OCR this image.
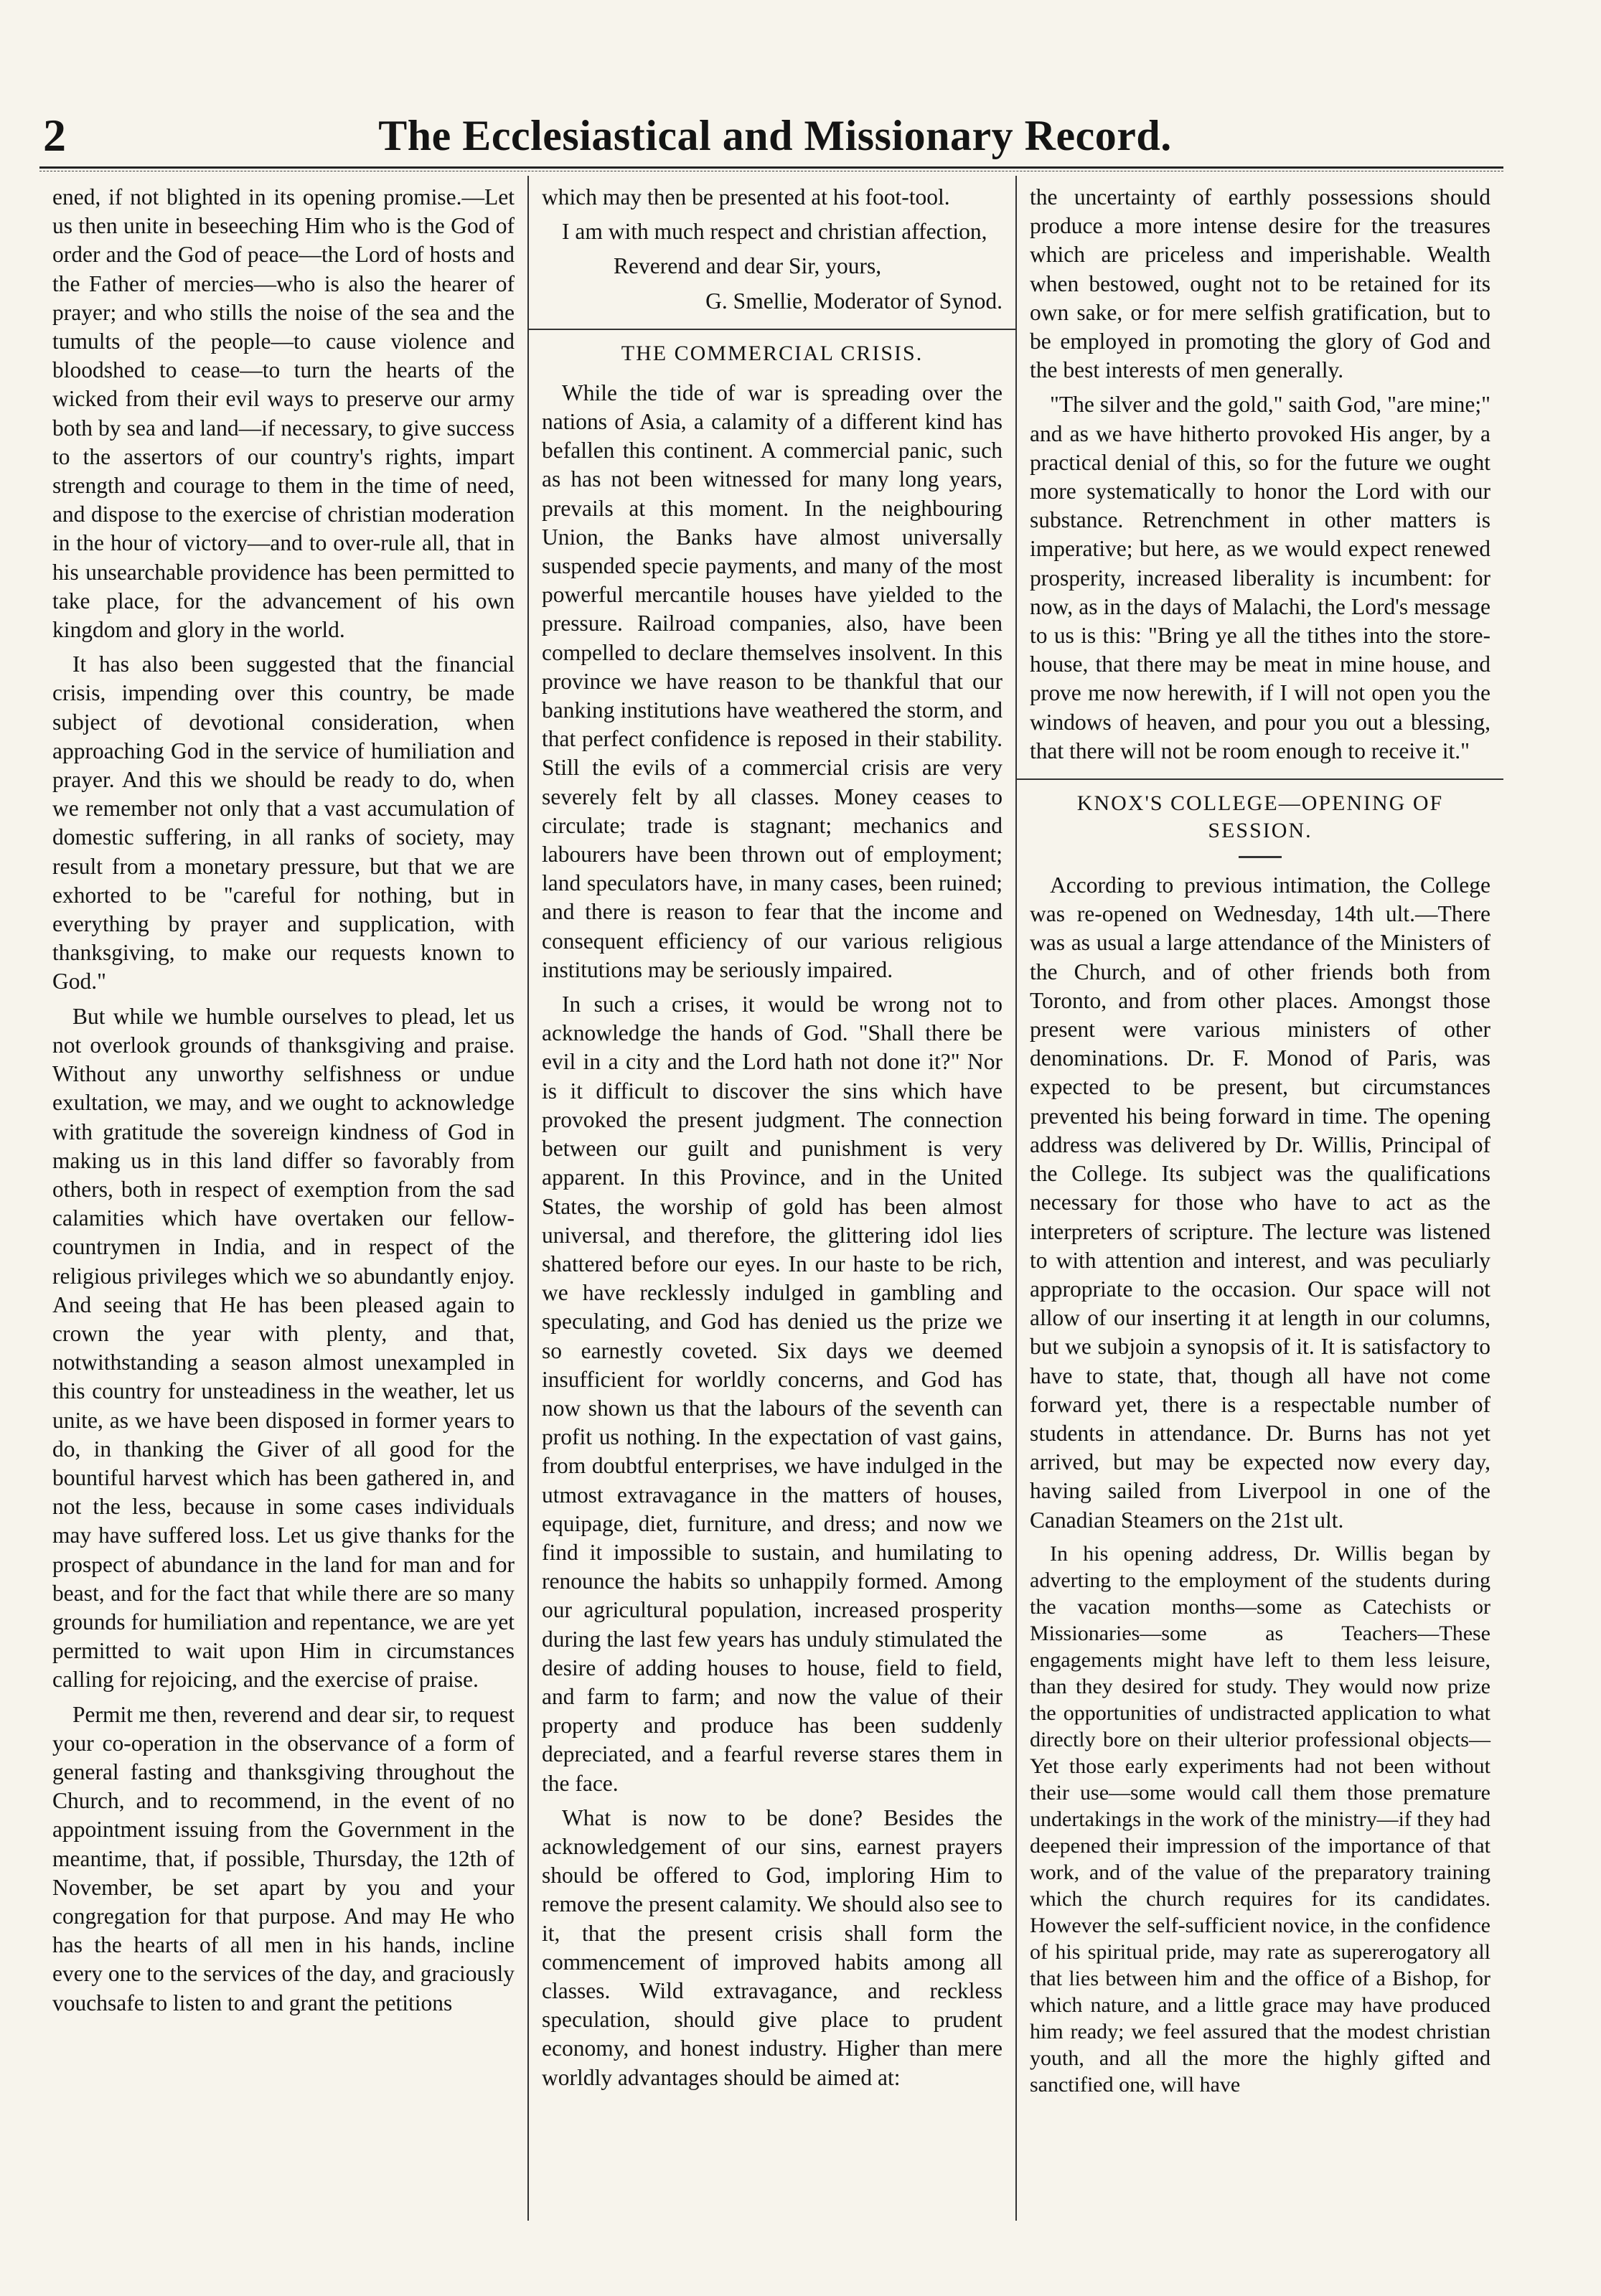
2	The Ecclesiastical and Missionary Record.

ened, if not blighted in its opening promise.—Let us then unite in beseeching Him who is the God of order and the God of peace—the Lord of hosts and the Father of mercies—who is also the hearer of prayer; and who stills the noise of the sea and the tumults of the people—to cause violence and bloodshed to cease—to turn the hearts of the wicked from their evil ways to preserve our army both by sea and land—if necessary, to give success to the assertors of our country's rights, impart strength and courage to them in the time of need, and dispose to the exercise of christian moderation in the hour of victory—and to over-rule all, that in his unsearchable providence has been permitted to take place, for the advancement of his own kingdom and glory in the world.

It has also been suggested that the financial crisis, impending over this country, be made subject of devotional consideration, when approaching God in the service of humiliation and prayer. And this we should be ready to do, when we remember not only that a vast accumulation of domestic suffering, in all ranks of society, may result from a monetary pressure, but that we are exhorted to be "careful for nothing, but in everything by prayer and supplication, with thanksgiving, to make our requests known to God."

But while we humble ourselves to plead, let us not overlook grounds of thanksgiving and praise. Without any unworthy selfishness or undue exultation, we may, and we ought to acknowledge with gratitude the sovereign kindness of God in making us in this land differ so favorably from others, both in respect of exemption from the sad calamities which have overtaken our fellow-countrymen in India, and in respect of the religious privileges which we so abundantly enjoy. And seeing that He has been pleased again to crown the year with plenty, and that, notwithstanding a season almost unexampled in this country for unsteadiness in the weather, let us unite, as we have been disposed in former years to do, in thanking the Giver of all good for the bountiful harvest which has been gathered in, and not the less, because in some cases individuals may have suffered loss. Let us give thanks for the prospect of abundance in the land for man and for beast, and for the fact that while there are so many grounds for humiliation and repentance, we are yet permitted to wait upon Him in circumstances calling for rejoicing, and the exercise of praise.

Permit me then, reverend and dear sir, to request your co-operation in the observance of a form of general fasting and thanksgiving throughout the Church, and to recommend, in the event of no appointment issuing from the Government in the meantime, that, if possible, Thursday, the 12th of November, be set apart by you and your congregation for that purpose. And may He who has the hearts of all men in his hands, incline every one to the services of the day, and graciously vouchsafe to listen to and grant the petitions

which may then be presented at his foot-tool.

I am with much respect and christian affection,

Reverend and dear Sir, yours,

G. Smellie, Moderator of Synod.

THE COMMERCIAL CRISIS.

While the tide of war is spreading over the nations of Asia, a calamity of a different kind has befallen this continent. A commercial panic, such as has not been witnessed for many long years, prevails at this moment. In the neighbouring Union, the Banks have almost universally suspended specie payments, and many of the most powerful mercantile houses have yielded to the pressure. Railroad companies, also, have been compelled to declare themselves insolvent. In this province we have reason to be thankful that our banking institutions have weathered the storm, and that perfect confidence is reposed in their stability. Still the evils of a commercial crisis are very severely felt by all classes. Money ceases to circulate; trade is stagnant; mechanics and labourers have been thrown out of employment; land speculators have, in many cases, been ruined; and there is reason to fear that the income and consequent efficiency of our various religious institutions may be seriously impaired.

In such a crises, it would be wrong not to acknowledge the hands of God. "Shall there be evil in a city and the Lord hath not done it?" Nor is it difficult to discover the sins which have provoked the present judgment. The connection between our guilt and punishment is very apparent. In this Province, and in the United States, the worship of gold has been almost universal, and therefore, the glittering idol lies shattered before our eyes. In our haste to be rich, we have recklessly indulged in gambling and speculating, and God has denied us the prize we so earnestly coveted. Six days we deemed insufficient for worldly concerns, and God has now shown us that the labours of the seventh can profit us nothing. In the expectation of vast gains, from doubtful enterprises, we have indulged in the utmost extravagance in the matters of houses, equipage, diet, furniture, and dress; and now we find it impossible to sustain, and humilating to renounce the habits so unhappily formed. Among our agricultural population, increased prosperity during the last few years has unduly stimulated the desire of adding houses to house, field to field, and farm to farm; and now the value of their property and produce has been suddenly depreciated, and a fearful reverse stares them in the face.

What is now to be done? Besides the acknowledgement of our sins, earnest prayers should be offered to God, imploring Him to remove the present calamity. We should also see to it, that the present crisis shall form the commencement of improved habits among all classes. Wild extravagance, and reckless speculation, should give place to prudent economy, and honest industry. Higher than mere worldly advantages should be aimed at:

the uncertainty of earthly possessions should produce a more intense desire for the treasures which are priceless and imperishable. Wealth when bestowed, ought not to be retained for its own sake, or for mere selfish gratification, but to be employed in promoting the glory of God and the best interests of men generally.

"The silver and the gold," saith God, "are mine;" and as we have hitherto provoked His anger, by a practical denial of this, so for the future we ought more systematically to honor the Lord with our substance. Retrenchment in other matters is imperative; but here, as we would expect renewed prosperity, increased liberality is incumbent: for now, as in the days of Malachi, the Lord's message to us is this: "Bring ye all the tithes into the store-house, that there may be meat in mine house, and prove me now herewith, if I will not open you the windows of heaven, and pour you out a blessing, that there will not be room enough to receive it."

KNOX'S COLLEGE—OPENING OF SESSION.

According to previous intimation, the College was re-opened on Wednesday, 14th ult.—There was as usual a large attendance of the Ministers of the Church, and of other friends both from Toronto, and from other places. Amongst those present were various ministers of other denominations. Dr. F. Monod of Paris, was expected to be present, but circumstances prevented his being forward in time. The opening address was delivered by Dr. Willis, Principal of the College. Its subject was the qualifications necessary for those who have to act as the interpreters of scripture. The lecture was listened to with attention and interest, and was peculiarly appropriate to the occasion. Our space will not allow of our inserting it at length in our columns, but we subjoin a synopsis of it. It is satisfactory to have to state, that, though all have not come forward yet, there is a respectable number of students in attendance. Dr. Burns has not yet arrived, but may be expected now every day, having sailed from Liverpool in one of the Canadian Steamers on the 21st ult.

In his opening address, Dr. Willis began by adverting to the employment of the students during the vacation months—some as Catechists or Missionaries—some as Teachers—These engagements might have left to them less leisure, than they desired for study. They would now prize the opportunities of undistracted application to what directly bore on their ulterior professional objects—Yet those early experiments had not been without their use—some would call them those premature undertakings in the work of the ministry—if they had deepened their impression of the importance of that work, and of the value of the preparatory training which the church requires for its candidates. However the self-sufficient novice, in the confidence of his spiritual pride, may rate as supererogatory all that lies between him and the office of a Bishop, for which nature, and a little grace may have produced him ready; we feel assured that the modest christian youth, and all the more the highly gifted and sanctified one, will have
